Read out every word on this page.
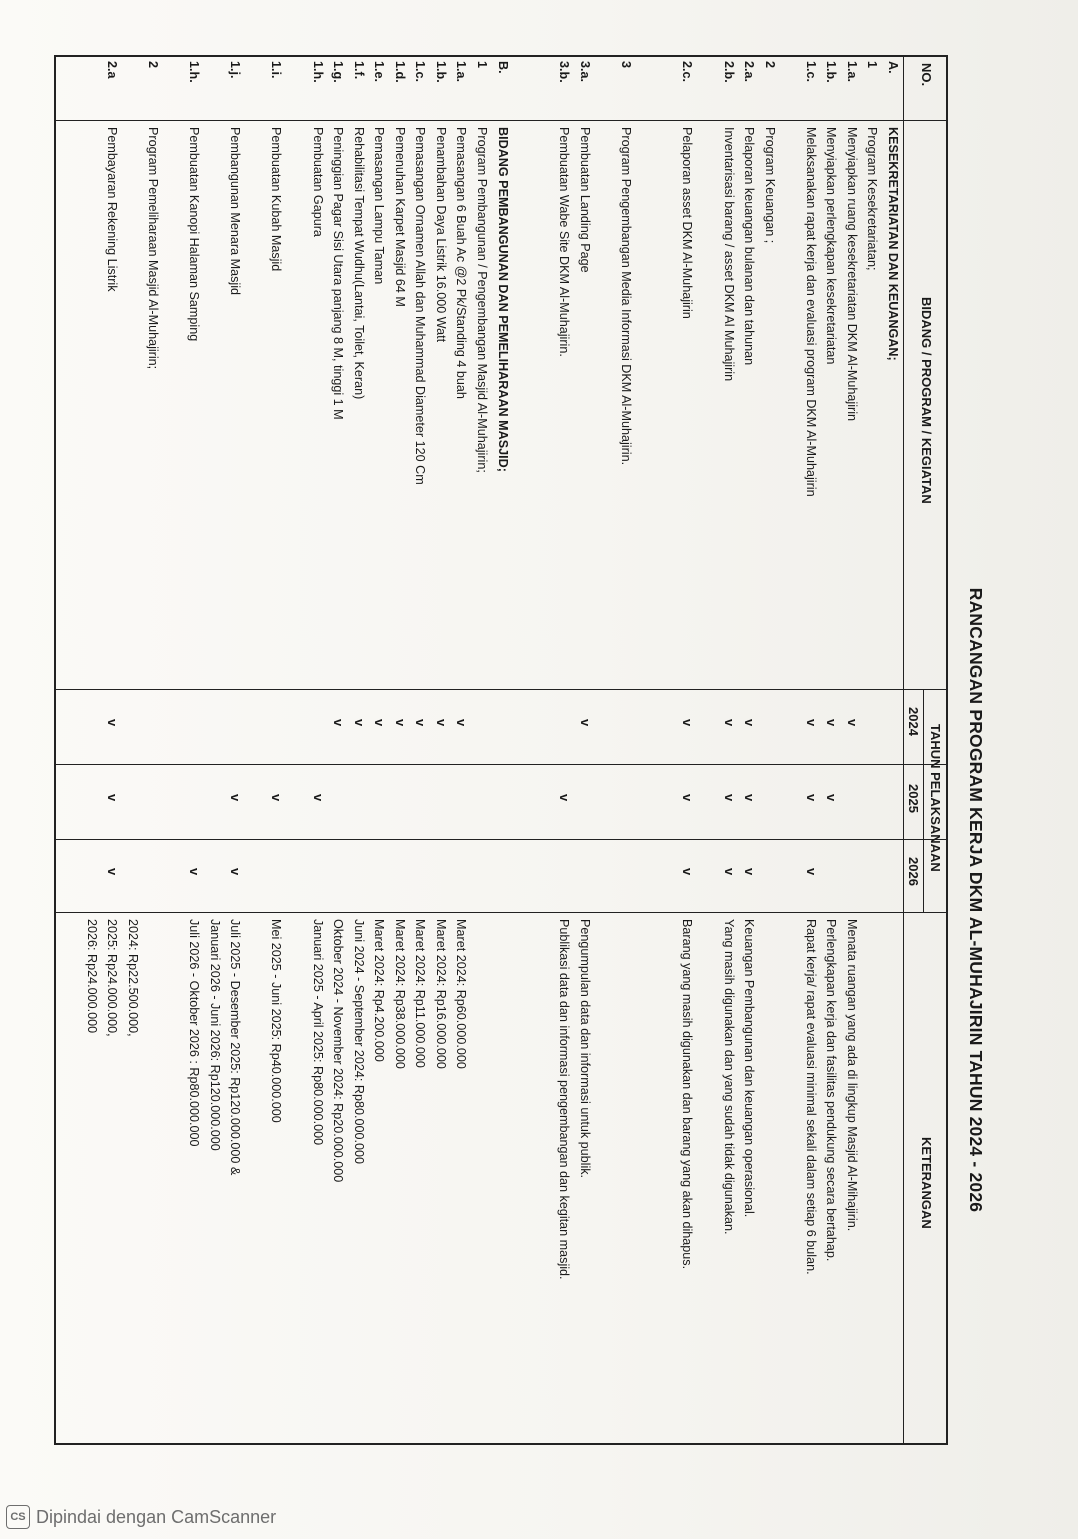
RANCANGAN PROGRAM KERJA DKM AL-MUHAJIRIN TAHUN 2024 - 2026
NO.
BIDANG / PROGRAM / KEGIATAN
TAHUN PELAKSANAAN
2024
2025
2026
KETERANGAN
A.
KESEKRETARIATAN DAN KEUANGAN;
1
Program Kesekretariatan;
1.a.
Menyiapkan ruang kesekretariatan DKM Al-Muhajirin
v
Menata ruangan yang ada di lingkup Masjid Al-Mihajirin.
1.b.
Menyiapkan perlengkapan kesekretariatan
v
v
Perlengkapan kerja dan fasilitas pendukung secara bertahap.
1.c.
Melaksanakan rapat kerja dan evaluasi program DKM Al-Muhajirin
v
v
v
Rapat kerja/ rapat evaluasi minimal sekali dalam setiap 6 bulan.
2
Program Keuangan ;
2.a.
Pelaporan keuangan bulanan dan tahunan
v
v
v
Keuangan Pembangunan dan keuangan operasional.
2.b.
Inventarisasi barang / asset DKM Al Muhajirin
v
v
v
Yang masih digunakan dan yang sudah tidak digunakan.
2.c.
Pelaporan asset DKM Al-Muhajirin
v
v
v
Barang yang masih digunakan dan barang yang akan dihapus.
3
Program Pengembangan Media Informasi DKM Al-Muhajirin.
3.a.
Pembuatan Landing Page
v
Pengumpulan data dan informasi untuk publik.
3.b.
Pembuatan Wabe Site DKM Al-Muhajirin.
v
Publikasi data dan informasi pengembangan dan kegitan masjid.
B.
BIDANG PEMBANGUNAN DAN PEMELIHARAAN MASJID;
1
Program Pembangunan / Pengembangan Masjid Al-Muhajirin;
1.a.
Pemasangan 6 Buah Ac @2 Pk/Standing 4 buah
v
Maret 2024: Rp60.000.000
1.b.
Penambahan Daya Listrik 16.000 Watt
v
Maret 2024: Rp16.000.000
1.c.
Pemasangan Ornamen Allah dan Muhammad Diameter 120 Cm
v
Maret 2024: Rp11.000.000
1.d.
Pemenuhan Karpet Masjid 64 M
v
Maret 2024: Rp38.000.000
1.e.
Pemasangan Lampu Taman
v
Maret 2024: Rp4.200.000
1.f.
Rehabilitasi Tempat Wudhu(Lantai, Toilet, Keran)
v
Juni 2024 - September 2024: Rp80.000.000
1.g.
Peninggian Pagar Sisi Utara panjang 8 M, tinggi 1 M
v
Oktober 2024 - November 2024: Rp20.000.000
1.h.
Pembuatan Gapura
v
Januari 2025 - April 2025: Rp80.000.000
1.i.
Pembuatan Kubah Masjid
v
Mei 2025 - Juni 2025: Rp40.000.000
1.j.
Pembangunan Menara Masjid
v
v
Juli 2025 - Desember 2025: Rp120.000.000 &
Januari 2026 - Juni 2026: Rp120.000.000
1.h.
Pembuatan Kanopi Halaman Samping
v
Juli 2026 - Oktober 2026 : Rp80.000.000
2
Program Pemeliharaan Masjid Al-Muhajirin;
2024: Rp22.500.000,
2.a
Pembayaran Rekening Listrik
v
v
v
2025: Rp24.000.000,
2026: Rp24.000.000
CS Dipindai dengan CamScanner
